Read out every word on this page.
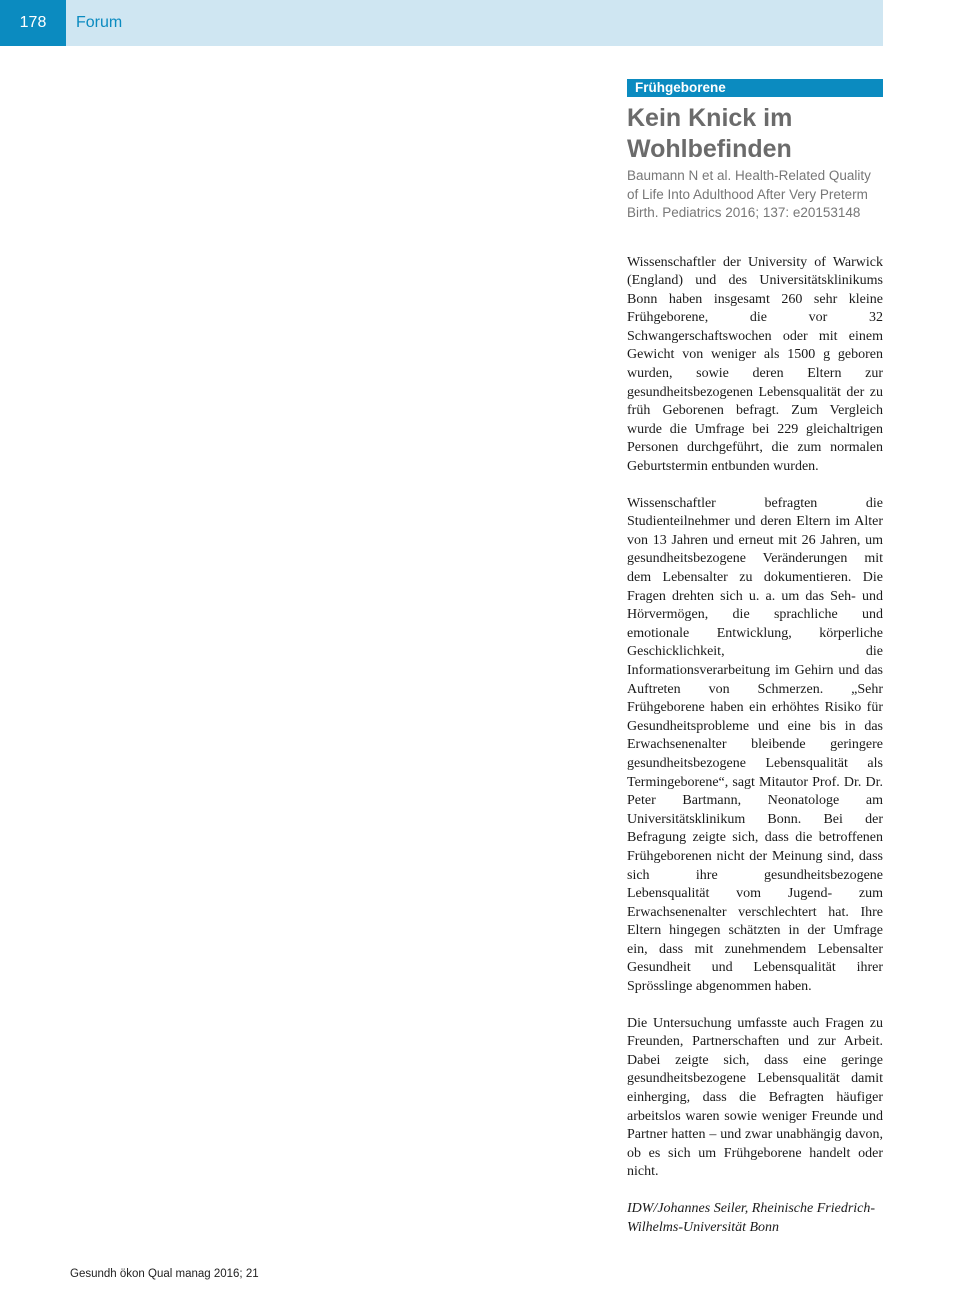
178	Forum
Frühgeborene
Kein Knick im Wohlbefinden

Baumann N et al. Health-Related Quality of Life Into Adulthood After Very Preterm Birth. Pediatrics 2016; 137: e20153148

Wissenschaftler der University of Warwick (England) und des Universitätsklinikums Bonn haben insgesamt 260 sehr kleine Frühgeborene, die vor 32 Schwangerschaftswochen oder mit einem Gewicht von weniger als 1500 g geboren wurden, sowie deren Eltern zur gesundheitsbezogenen Lebensqualität der zu früh Geborenen befragt. Zum Vergleich wurde die Umfrage bei 229 gleichaltrigen Personen durchgeführt, die zum normalen Geburtstermin entbunden wurden.

Wissenschaftler befragten die Studienteilnehmer und deren Eltern im Alter von 13 Jahren und erneut mit 26 Jahren, um gesundheitsbezogene Veränderungen mit dem Lebensalter zu dokumentieren. Die Fragen drehten sich u. a. um das Seh- und Hörvermögen, die sprachliche und emotionale Entwicklung, körperliche Geschicklichkeit, die Informationsverarbeitung im Gehirn und das Auftreten von Schmerzen. „Sehr Frühgeborene haben ein erhöhtes Risiko für Gesundheitsprobleme und eine bis in das Erwachsenenalter bleibende geringere gesundheitsbezogene Lebensqualität als Termingeborene“, sagt Mitautor Prof. Dr. Dr. Peter Bartmann, Neonatologe am Universitätsklinikum Bonn. Bei der Befragung zeigte sich, dass die betroffenen Frühgeborenen nicht der Meinung sind, dass sich ihre gesundheitsbezogene Lebensqualität vom Jugend- zum Erwachsenenalter verschlechtert hat. Ihre Eltern hingegen schätzten in der Umfrage ein, dass mit zunehmendem Lebensalter Gesundheit und Lebensqualität ihrer Sprösslinge abgenommen haben.

Die Untersuchung umfasste auch Fragen zu Freunden, Partnerschaften und zur Arbeit. Dabei zeigte sich, dass eine geringe gesundheitsbezogene Lebensqualität damit einherging, dass die Befragten häufiger arbeitslos waren sowie weniger Freunde und Partner hatten – und zwar unabhängig davon, ob es sich um Frühgeborene handelt oder nicht.

IDW/Johannes Seiler, Rheinische Friedrich-Wilhelms-Universität Bonn

Gesundh ökon Qual manag 2016; 21
